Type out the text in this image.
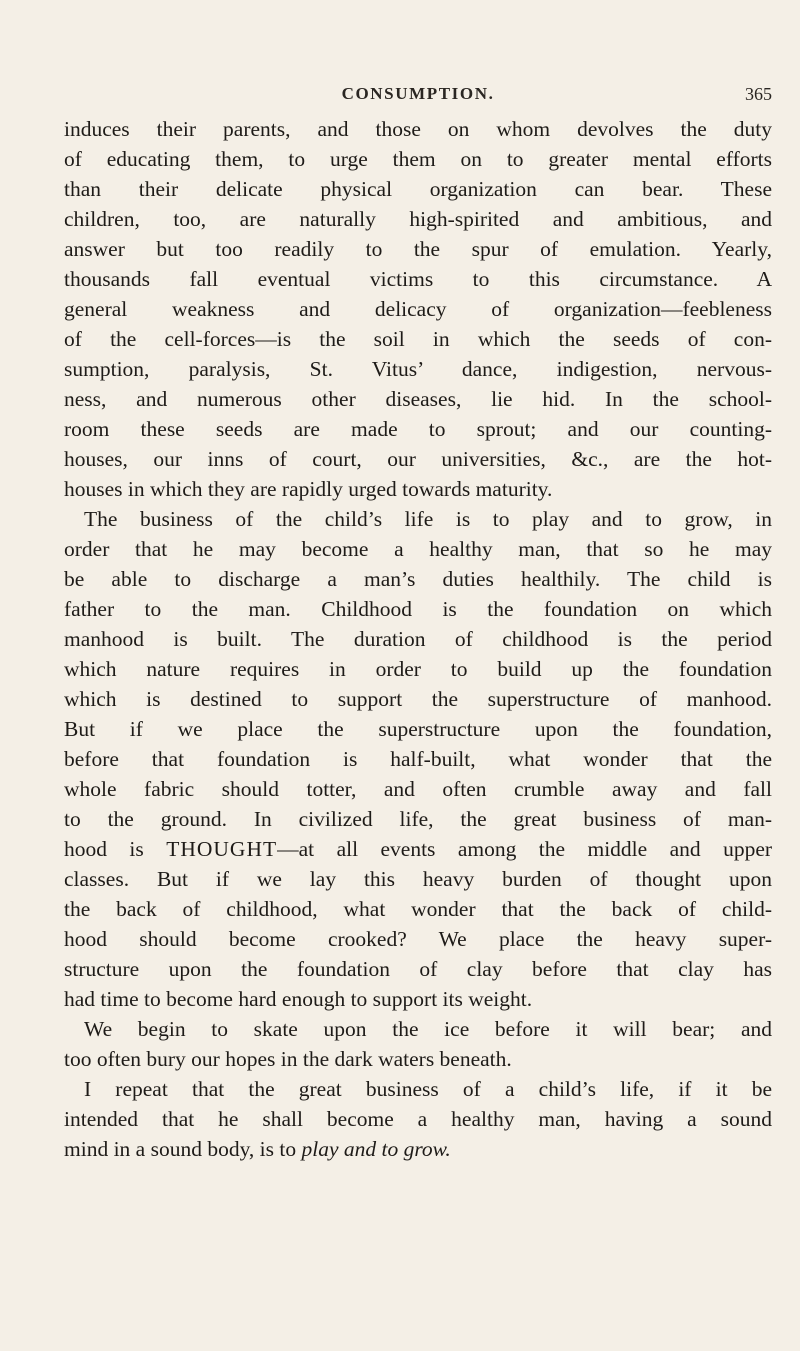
CONSUMPTION.	365
induces their parents, and those on whom devolves the duty
of educating them, to urge them on to greater mental efforts
than their delicate physical organization can bear. These
children, too, are naturally high-spirited and ambitious, and
answer but too readily to the spur of emulation. Yearly,
thousands fall eventual victims to this circumstance. A
general weakness and delicacy of organization—feebleness
of the cell-forces—is the soil in which the seeds of con-
sumption, paralysis, St. Vitus’ dance, indigestion, nervous-
ness, and numerous other diseases, lie hid. In the school-
room these seeds are made to sprout; and our counting-
houses, our inns of court, our universities, &c., are the hot-
houses in which they are rapidly urged towards maturity.
The business of the child’s life is to play and to grow, in
order that he may become a healthy man, that so he may
be able to discharge a man’s duties healthily. The child is
father to the man. Childhood is the foundation on which
manhood is built. The duration of childhood is the period
which nature requires in order to build up the foundation
which is destined to support the superstructure of manhood.
But if we place the superstructure upon the foundation,
before that foundation is half-built, what wonder that the
whole fabric should totter, and often crumble away and fall
to the ground. In civilized life, the great business of man-
hood is THOUGHT—at all events among the middle and upper
classes. But if we lay this heavy burden of thought upon
the back of childhood, what wonder that the back of child-
hood should become crooked? We place the heavy super-
structure upon the foundation of clay before that clay has
had time to become hard enough to support its weight.
We begin to skate upon the ice before it will bear; and
too often bury our hopes in the dark waters beneath.
I repeat that the great business of a child’s life, if it be
intended that he shall become a healthy man, having a sound
mind in a sound body, is to play and to grow.
